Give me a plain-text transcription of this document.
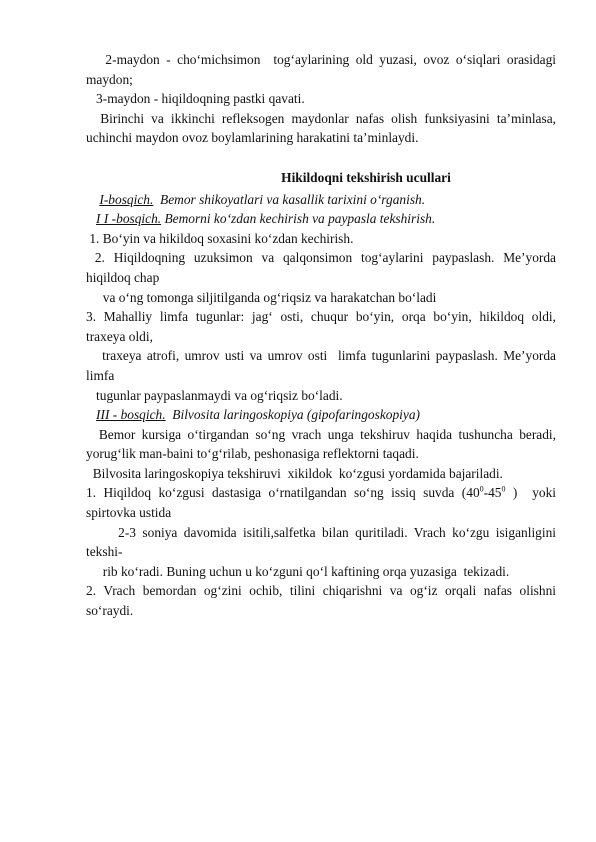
2-maydon - cho‘michsimon  tog‘aylarining old yuzasi, ovoz o‘siqlari orasidagi

maydon;

3-maydon - hiqildoqning pastki qavati.

Birinchi va ikkinchi refleksogen maydonlar nafas olish funksiyasini ta’minlasa,

uchinchi maydon ovoz boylamlarining harakatini ta’minlaydi.

Hikildoqni tekshirish ucullari

I-bosqich.  Bemor shikoyatlari va kasallik tarixini o‘rganish.

I I -bosqich. Bemorni ko‘zdan kechirish va paypasla tekshirish.

1. Bo‘yin va hikildoq soxasini ko‘zdan kechirish.

2. Hiqildoqning uzuksimon va qalqonsimon tog‘aylarini paypaslash. Me’yorda

hiqildoq chap

va o‘ng tomonga siljitilganda og‘riqsiz va harakatchan bo‘ladi

3. Mahalliy limfa tugunlar: jag‘ osti, chuqur bo‘yin, orqa bo‘yin, hikildoq oldi,

traxeya oldi,

traxeya atrofi, umrov usti va umrov osti  limfa tugunlarini paypaslash. Me’yorda

limfa

tugunlar paypaslanmaydi va og‘riqsiz bo‘ladi.

III - bosqich.  Bilvosita laringoskopiya (gipofaringoskopiya)

Bemor kursiga o‘tirgandan so‘ng vrach unga tekshiruv haqida tushuncha beradi,

yorug‘lik man-baini to‘g‘rilab, peshonasiga reflektorni taqadi.

Bilvosita laringoskopiya tekshiruvi  xikildok  ko‘zgusi yordamida bajariladi.

1. Hiqildoq ko‘zgusi dastasiga o‘rnatilgandan so‘ng issiq suvda ($40^0-45^0$ )  yoki

spirtovka ustida

2-3 soniya davomida isitili,salfetka bilan quritiladi. Vrach ko‘zgu isiganligini

tekshi-

rib ko‘radi. Buning uchun u ko‘zguni qo‘l kaftining orqa yuzasiga  tekizadi.

2. Vrach bemordan og‘zini ochib, tilini chiqarishni va og‘iz orqali nafas olishni

so‘raydi.
